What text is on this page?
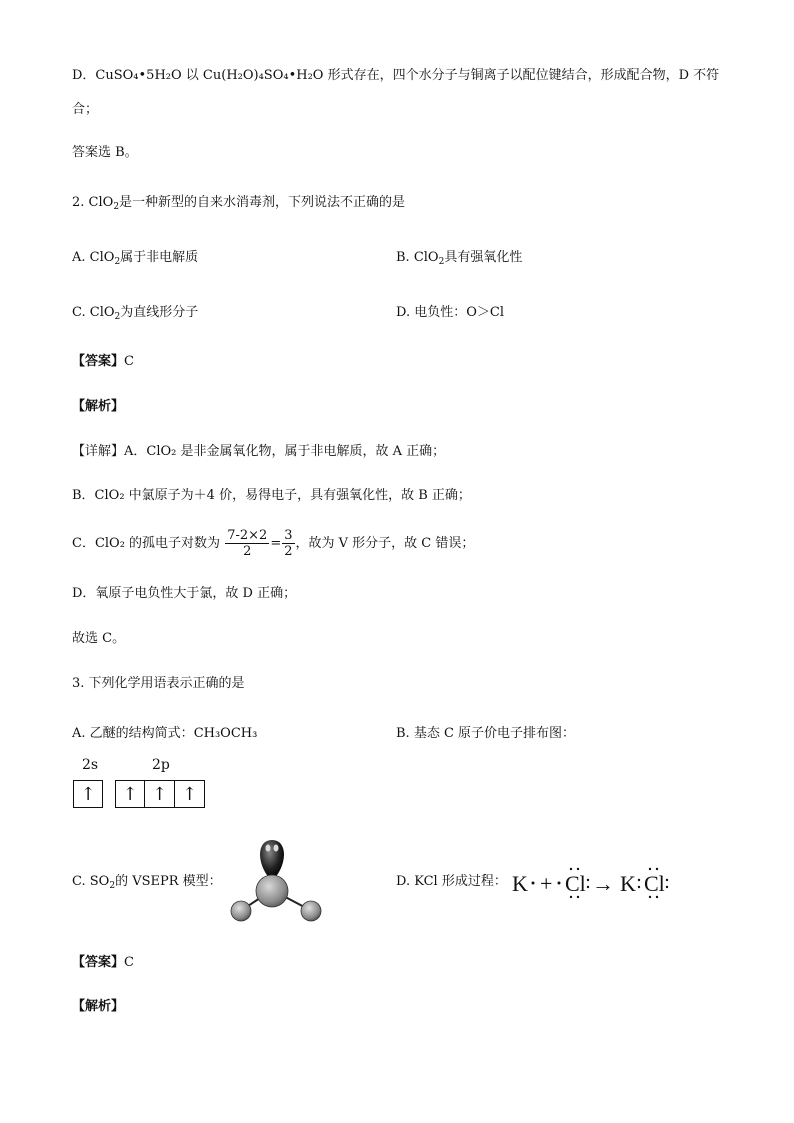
D．CuSO₄•5H₂O 以 Cu(H₂O)₄SO₄•H₂O 形式存在，四个水分子与铜离子以配位键结合，形成配合物，D 不符
合；
答案选 B。
2. ClO$_2$是一种新型的自来水消毒剂，下列说法不正确的是
A. ClO$_2$属于非电解质	B. ClO$_2$具有强氧化性
C. ClO$_2$为直线形分子	D. 电负性：O＞Cl
【答案】C
【解析】
【详解】A．ClO₂ 是非金属氧化物，属于非电解质，故 A 正确；
B．ClO₂ 中氯原子为＋4 价，易得电子，具有强氧化性，故 B 正确；
C．ClO₂ 的孤电子对数为 $\frac{7-2\times 2}{2} = \frac{3}{2}$ ，故为 V 形分子，故 C 错误；
D．氧原子电负性大于氯，故 D 正确；
故选 C。
3. 下列化学用语表示正确的是
A. 乙醚的结构简式：CH₃OCH₃	B. 基态 C 原子价电子排布图：
2s	2p
↑	↑ ↑ ↑
C. $SO_2$的 VSEPR 模型：	D. KCl 形成过程： K + Cl → K Cl
【答案】C
【解析】
